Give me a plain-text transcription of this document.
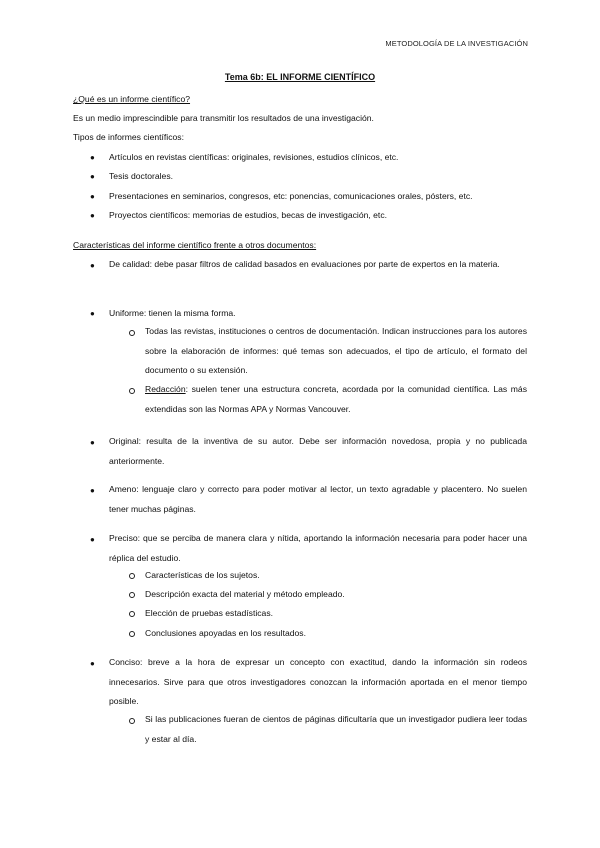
METODOLOGÍA DE LA INVESTIGACIÓN
Tema 6b: EL INFORME CIENTÍFICO
¿Qué es un informe científico?
Es un medio imprescindible para transmitir los resultados de una investigación.
Tipos de informes científicos:
● Artículos en revistas científicas: originales, revisiones, estudios clínicos, etc.
● Tesis doctorales.
● Presentaciones en seminarios, congresos, etc: ponencias, comunicaciones orales, pósters, etc.
● Proyectos científicos: memorias de estudios, becas de investigación, etc.
Características del informe científico frente a otros documentos:
● De calidad: debe pasar filtros de calidad basados en evaluaciones por parte de expertos en la materia.
● Uniforme: tienen la misma forma.
Todas las revistas, instituciones o centros de documentación. Indican instrucciones para los autores sobre la elaboración de informes: qué temas son adecuados, el tipo de artículo, el formato del documento o su extensión.
Redacción: suelen tener una estructura concreta, acordada por la comunidad científica. Las más extendidas son las Normas APA y Normas Vancouver.
● Original: resulta de la inventiva de su autor. Debe ser información novedosa, propia y no publicada anteriormente.
● Ameno: lenguaje claro y correcto para poder motivar al lector, un texto agradable y placentero. No suelen tener muchas páginas.
● Preciso: que se perciba de manera clara y nítida, aportando la información necesaria para poder hacer una réplica del estudio.
Características de los sujetos.
Descripción exacta del material y método empleado.
Elección de pruebas estadísticas.
Conclusiones apoyadas en los resultados.
● Conciso: breve a la hora de expresar un concepto con exactitud, dando la información sin rodeos innecesarios. Sirve para que otros investigadores conozcan la información aportada en el menor tiempo posible.
Si las publicaciones fueran de cientos de páginas dificultaría que un investigador pudiera leer todas y estar al día.
